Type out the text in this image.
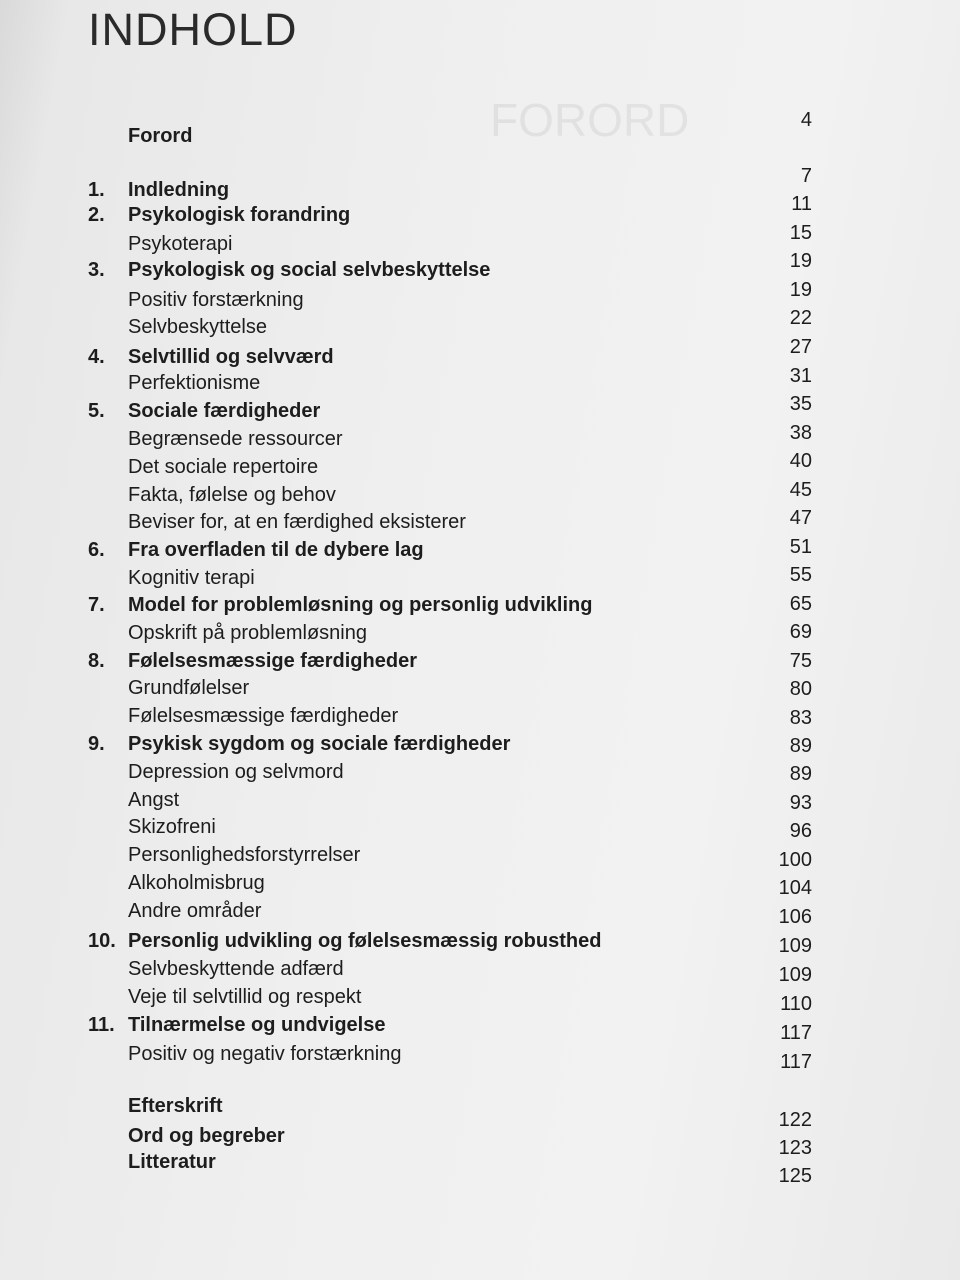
FORORD
INDHOLD
Forord
1. Indledning
2. Psykologisk forandring
Psykoterapi
3. Psykologisk og social selvbeskyttelse
Positiv forstærkning
Selvbeskyttelse
4. Selvtillid og selvværd
Perfektionisme
5. Sociale færdigheder
Begrænsede ressourcer
Det sociale repertoire
Fakta, følelse og behov
Beviser for, at en færdighed eksisterer
6. Fra overfladen til de dybere lag
Kognitiv terapi
7. Model for problemløsning og personlig udvikling
Opskrift på problemløsning
8. Følelsesmæssige færdigheder
Grundfølelser
Følelsesmæssige færdigheder
9. Psykisk sygdom og sociale færdigheder
Depression og selvmord
Angst
Skizofreni
Personlighedsforstyrrelser
Alkoholmisbrug
Andre områder
10. Personlig udvikling og følelsesmæssig robusthed
Selvbeskyttende adfærd
Veje til selvtillid og respekt
11. Tilnærmelse og undvigelse
Positiv og negativ forstærkning
Efterskrift
Ord og begreber
Litteratur
4
7
11
15
19
19
22
27
31
35
38
40
45
47
51
55
65
69
75
80
83
89
89
93
96
100
104
106
109
109
110
117
117
122
123
125
